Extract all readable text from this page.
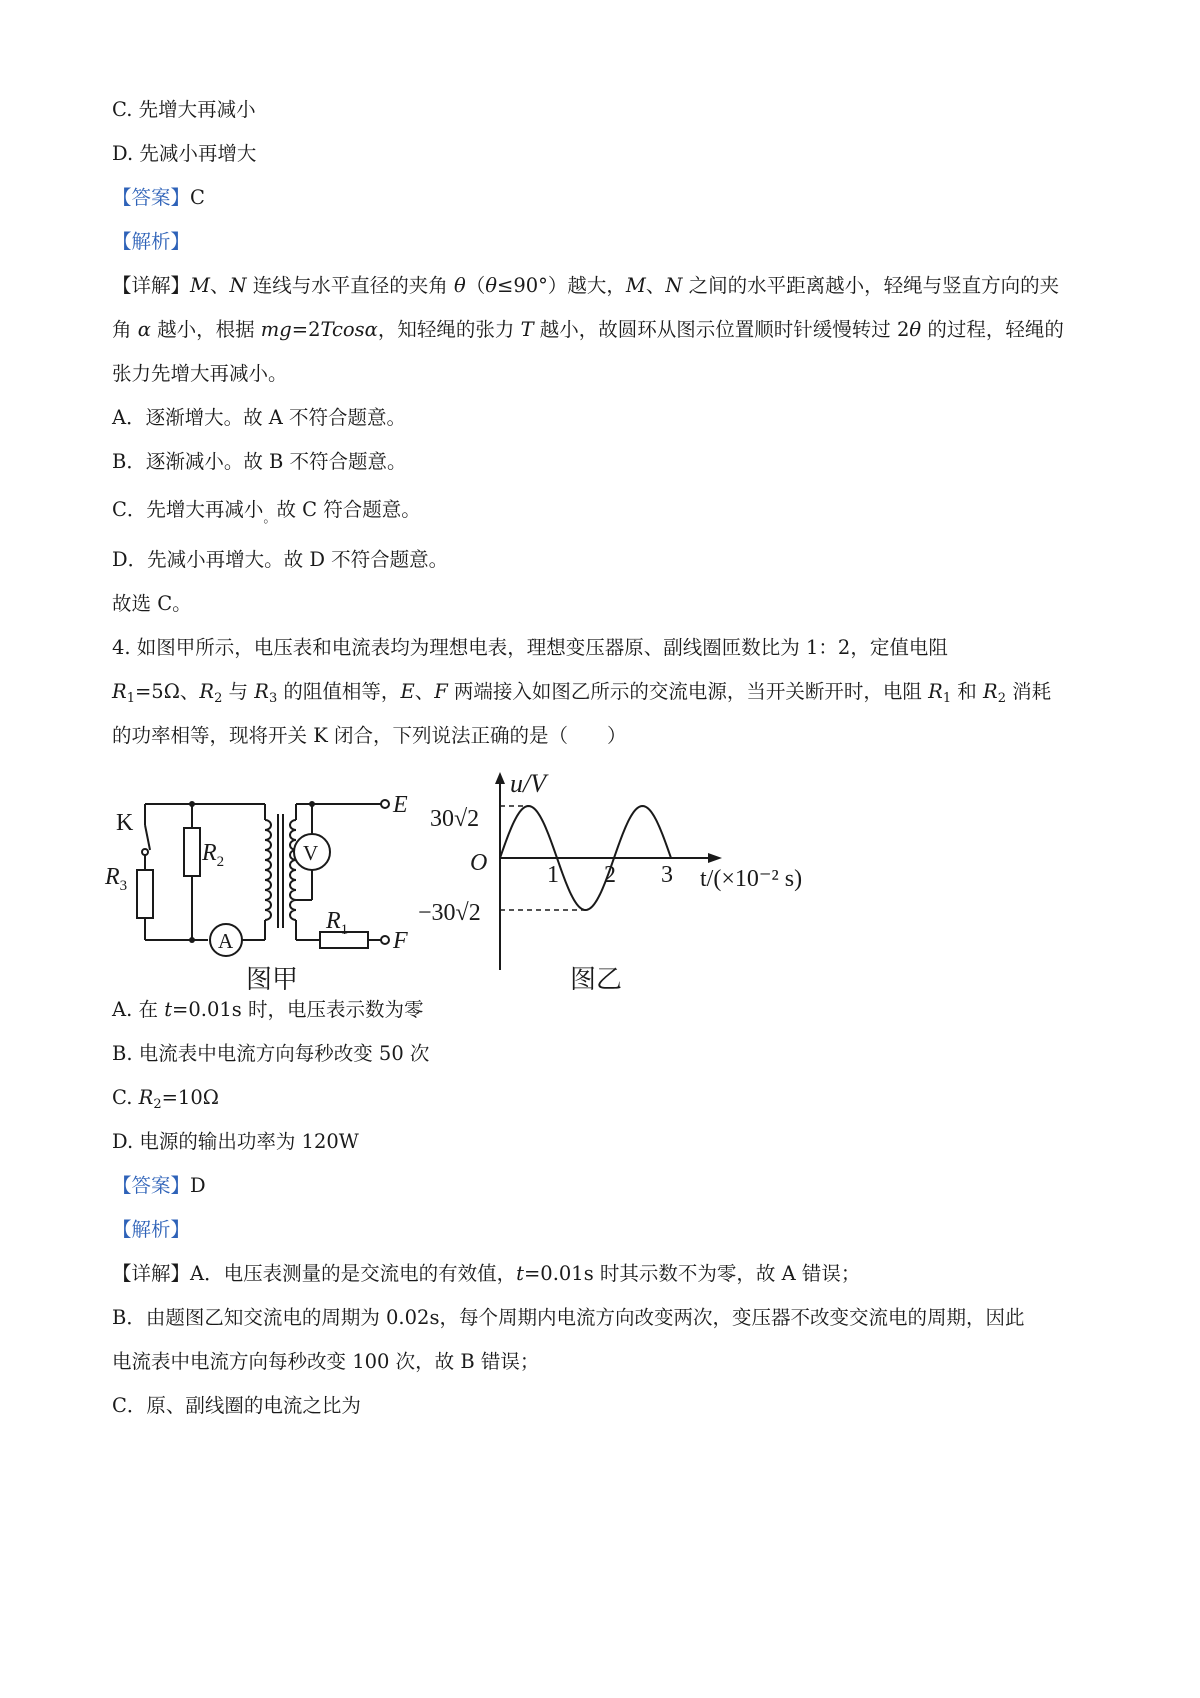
C. 先增大再减小
D. 先减小再增大
【答案】C
【解析】
【详解】M、N 连线与水平直径的夹角 θ（θ≤90°）越大，M、N 之间的水平距离越小，轻绳与竖直方向的夹
角 α 越小，根据 mg=2Tcosα，知轻绳的张力 T 越小，故圆环从图示位置顺时针缓慢转过 2θ 的过程，轻绳的
张力先增大再减小。
A．逐渐增大。故 A 不符合题意。
B．逐渐减小。故 B 不符合题意。
C．先增大再减小$_。$故 C 符合题意。
D．先减小再增大。故 D 不符合题意。
故选 C。
4. 如图甲所示，电压表和电流表均为理想电表，理想变压器原、副线圈匝数比为 1：2，定值电阻
$R_1=5\Omega$、$R_2$ 与 $R_3$ 的阻值相等，E、F 两端接入如图乙所示的交流电源，当开关断开时，电阻 $R_1$ 和 $R_2$ 消耗
的功率相等，现将开关 K 闭合，下列说法正确的是（　　）
K
$R_3$
$R_2$
$R_1$
A
V
E
F
图甲
u/V
O
30√2
−30√2
1 2 3 t/(×10⁻² s)
图乙
A. 在 t=0.01s 时，电压表示数为零
B. 电流表中电流方向每秒改变 50 次
C. $R_2=10\Omega$
D. 电源的输出功率为 120W
【答案】D
【解析】
【详解】A．电压表测量的是交流电的有效值，t=0.01s 时其示数不为零，故 A 错误；
B．由题图乙知交流电的周期为 0.02s，每个周期内电流方向改变两次，变压器不改变交流电的周期，因此
电流表中电流方向每秒改变 100 次，故 B 错误；
C．原、副线圈的电流之比为
